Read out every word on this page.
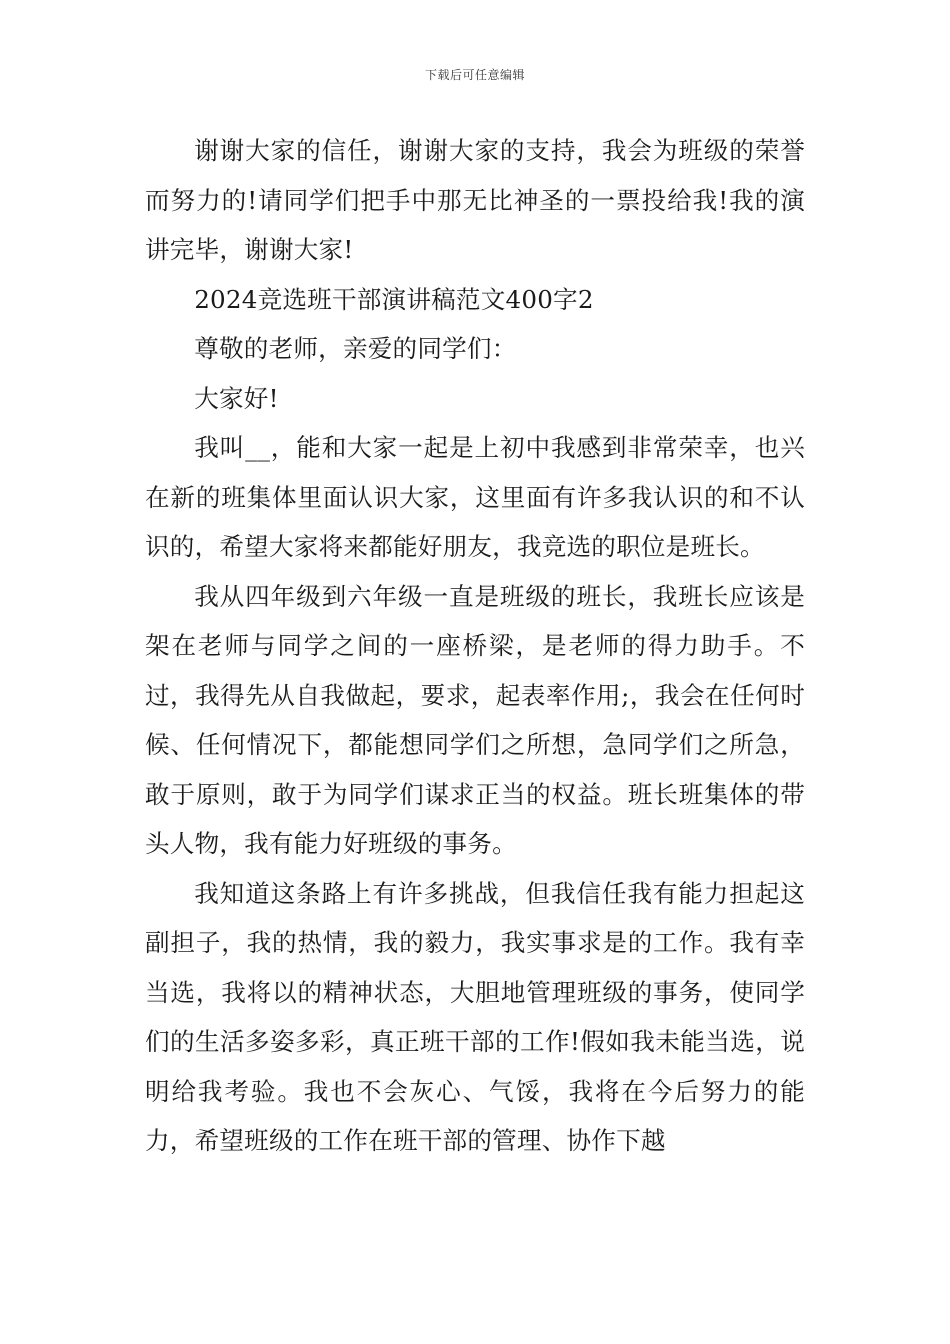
下载后可任意编辑

谢谢大家的信任，谢谢大家的支持，我会为班级的荣誉而努力的!请同学们把手中那无比神圣的一票投给我!我的演讲完毕，谢谢大家!

2024竞选班干部演讲稿范文400字2

尊敬的老师，亲爱的同学们：

大家好!

我叫__，能和大家一起是上初中我感到非常荣幸，也兴在新的班集体里面认识大家，这里面有许多我认识的和不认识的，希望大家将来都能好朋友，我竞选的职位是班长。

我从四年级到六年级一直是班级的班长，我班长应该是架在老师与同学之间的一座桥梁，是老师的得力助手。不过，我得先从自我做起，要求，起表率作用;，我会在任何时候、任何情况下，都能想同学们之所想，急同学们之所急，敢于原则，敢于为同学们谋求正当的权益。班长班集体的带头人物，我有能力好班级的事务。

我知道这条路上有许多挑战，但我信任我有能力担起这副担子，我的热情，我的毅力，我实事求是的工作。我有幸当选，我将以的精神状态，大胆地管理班级的事务，使同学们的生活多姿多彩，真正班干部的工作!假如我未能当选，说明给我考验。我也不会灰心、气馁，我将在今后努力的能力，希望班级的工作在班干部的管理、协作下越
